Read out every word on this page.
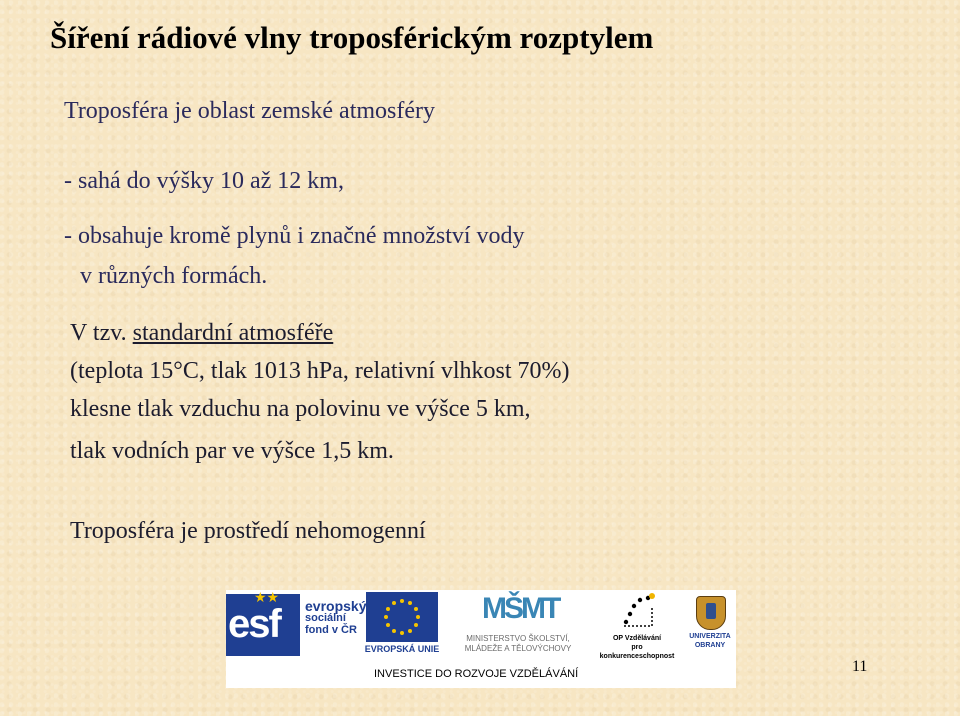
Šíření rádiové vlny troposférickým rozptylem
Troposféra je oblast zemské atmosféry
- sahá do výšky 10 až 12 km,
- obsahuje kromě plynů i značné množství vody
v různých formách.
V tzv. standardní atmosféře
(teplota 15°C, tlak 1013 hPa, relativní vlhkost 70%)
klesne tlak vzduchu na polovinu ve výšce 5 km,
tlak vodních par ve výšce 1,5 km.
Troposféra je prostředí nehomogenní
★★
esf evropský
sociální
fond v ČR
EVROPSKÁ UNIE
MŠMT
MINISTERSTVO ŠKOLSTVÍ,
MLÁDEŽE A TĚLOVÝCHOVY
OP Vzdělávání
pro konkurenceschopnost
UNIVERZITA
OBRANY
INVESTICE DO ROZVOJE VZDĚLÁVÁNÍ	11
